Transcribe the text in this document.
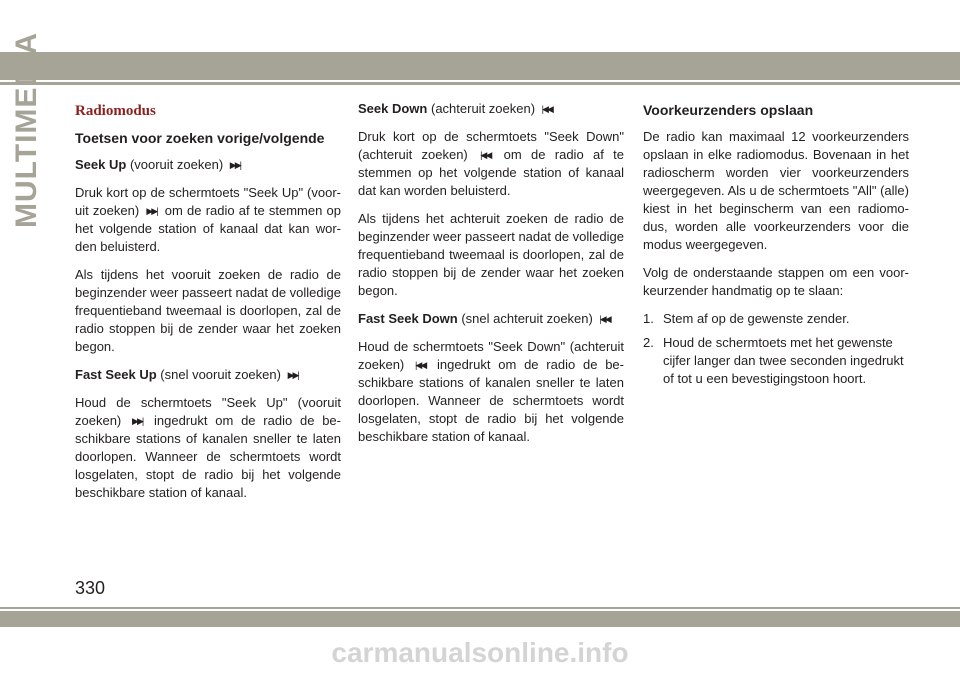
MULTIMEDIA Radiomodus
Toetsen voor zoeken vorige/volgende
Seek Up (vooruit zoeken) ▶▶|

Druk kort op de schermtoets "Seek Up" (voor- uit zoeken) ▶▶| om de radio af te stemmen op het volgende station of kanaal dat kan wor- den beluisterd.

Als tijdens het vooruit zoeken de radio de beginzender weer passeert nadat de volledige frequentieband tweemaal is doorlopen, zal de radio stoppen bij de zender waar het zoeken begon.

Fast Seek Up (snel vooruit zoeken) ▶▶|

Houd de schermtoets "Seek Up" (vooruit zoeken) ▶▶| ingedrukt om de radio de be- schikbare stations of kanalen sneller te laten doorlopen. Wanneer de schermtoets wordt losgelaten, stopt de radio bij het volgende beschikbare station of kanaal.

Seek Down (achteruit zoeken) |◀◀

Druk kort op de schermtoets "Seek Down" (achteruit zoeken) |◀◀ om de radio af te stemmen op het volgende station of kanaal dat kan worden beluisterd.

Als tijdens het achteruit zoeken de radio de beginzender weer passeert nadat de volledige frequentieband tweemaal is doorlopen, zal de radio stoppen bij de zender waar het zoeken begon.

Fast Seek Down (snel achteruit zoeken) |◀◀

Houd de schermtoets "Seek Down" (achteruit zoeken) |◀◀ ingedrukt om de radio de be- schikbare stations of kanalen sneller te laten doorlopen. Wanneer de schermtoets wordt losgelaten, stopt de radio bij het volgende beschikbare station of kanaal.

Voorkeurzenders opslaan

De radio kan maximaal 12 voorkeurzenders opslaan in elke radiomodus. Bovenaan in het radioscherm worden vier voorkeurzenders weergegeven. Als u de schermtoets "All" (alle) kiest in het beginscherm van een radiomo- dus, worden alle voorkeurzenders voor die modus weergegeven.

Volg de onderstaande stappen om een voor- keurzender handmatig op te slaan:

1. Stem af op de gewenste zender.
2. Houd de schermtoets met het gewenste cijfer langer dan twee seconden ingedrukt of tot u een bevestigingstoon hoort.
330
carmanualsonline.info
